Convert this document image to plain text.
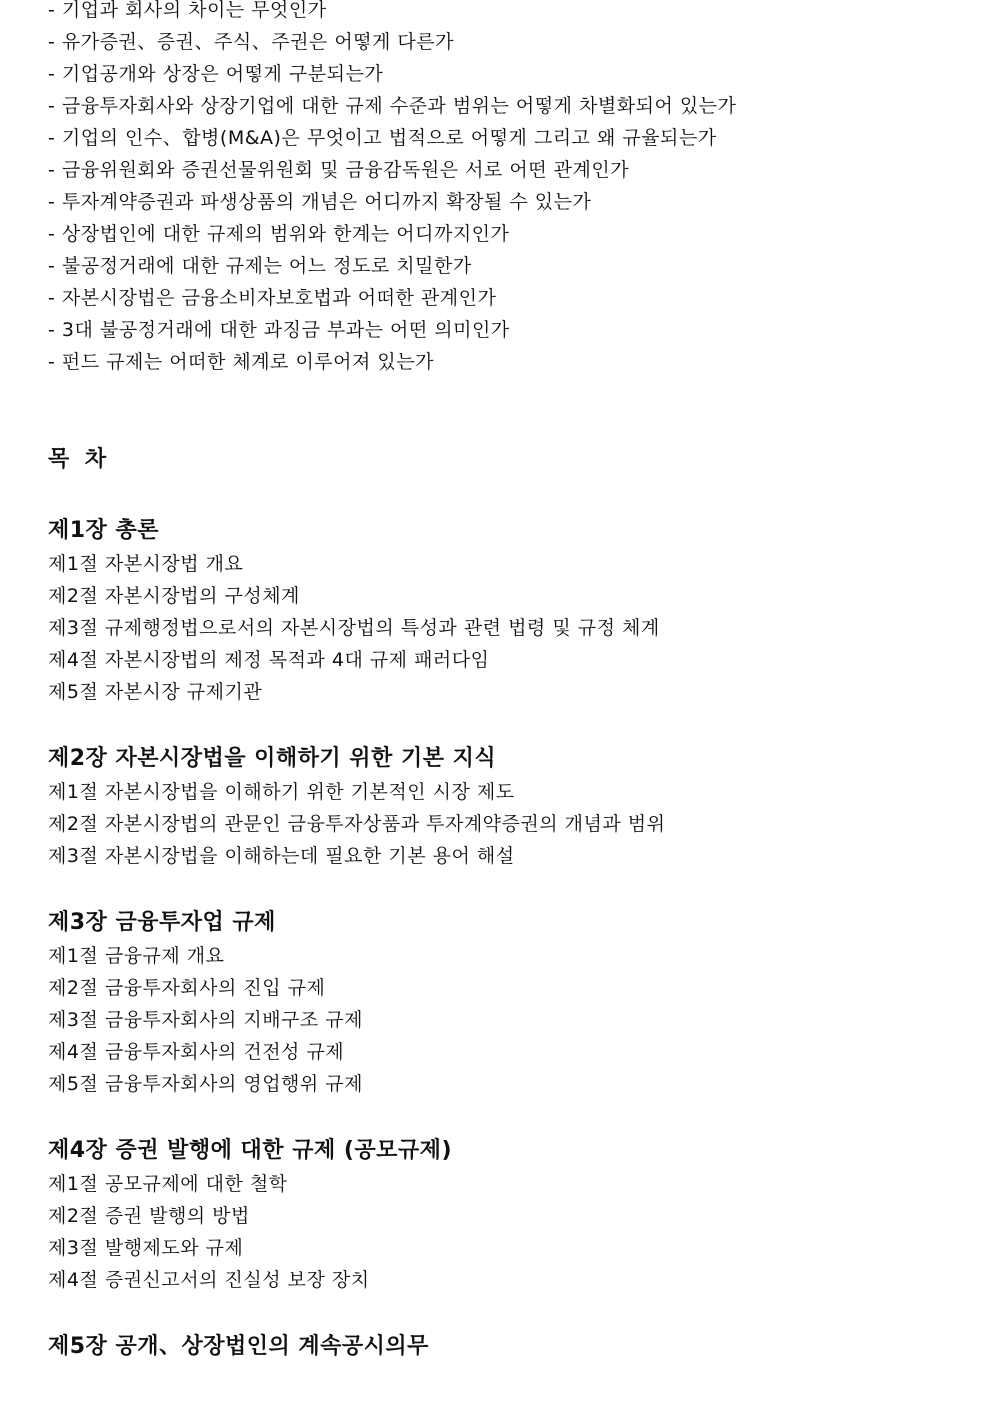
- 기업과 회사의 차이는 무엇인가
- 유가증권、증권、주식、주권은 어떻게 다른가
- 기업공개와 상장은 어떻게 구분되는가
- 금융투자회사와 상장기업에 대한 규제 수준과 범위는 어떻게 차별화되어 있는가
- 기업의 인수、합병(M&A)은 무엇이고 법적으로 어떻게 그리고 왜 규율되는가
- 금융위원회와 증권선물위원회 및 금융감독원은 서로 어떤 관계인가
- 투자계약증권과 파생상품의 개념은 어디까지 확장될 수 있는가
- 상장법인에 대한 규제의 범위와 한계는 어디까지인가
- 불공정거래에 대한 규제는 어느 정도로 치밀한가
- 자본시장법은 금융소비자보호법과 어떠한 관계인가
- 3대 불공정거래에 대한 과징금 부과는 어떤 의미인가
- 펀드 규제는 어떠한 체계로 이루어져 있는가
목 차
제1장 총론
제1절 자본시장법 개요
제2절 자본시장법의 구성체계
제3절 규제행정법으로서의 자본시장법의 특성과 관련 법령 및 규정 체계
제4절 자본시장법의 제정 목적과 4대 규제 패러다임
제5절 자본시장 규제기관
제2장 자본시장법을 이해하기 위한 기본 지식
제1절 자본시장법을 이해하기 위한 기본적인 시장 제도
제2절 자본시장법의 관문인 금융투자상품과 투자계약증권의 개념과 범위
제3절 자본시장법을 이해하는데 필요한 기본 용어 해설
제3장 금융투자업 규제
제1절 금융규제 개요
제2절 금융투자회사의 진입 규제
제3절 금융투자회사의 지배구조 규제
제4절 금융투자회사의 건전성 규제
제5절 금융투자회사의 영업행위 규제
제4장 증권 발행에 대한 규제 (공모규제)
제1절 공모규제에 대한 철학
제2절 증권 발행의 방법
제3절 발행제도와 규제
제4절 증권신고서의 진실성 보장 장치
제5장 공개、상장법인의 계속공시의무
